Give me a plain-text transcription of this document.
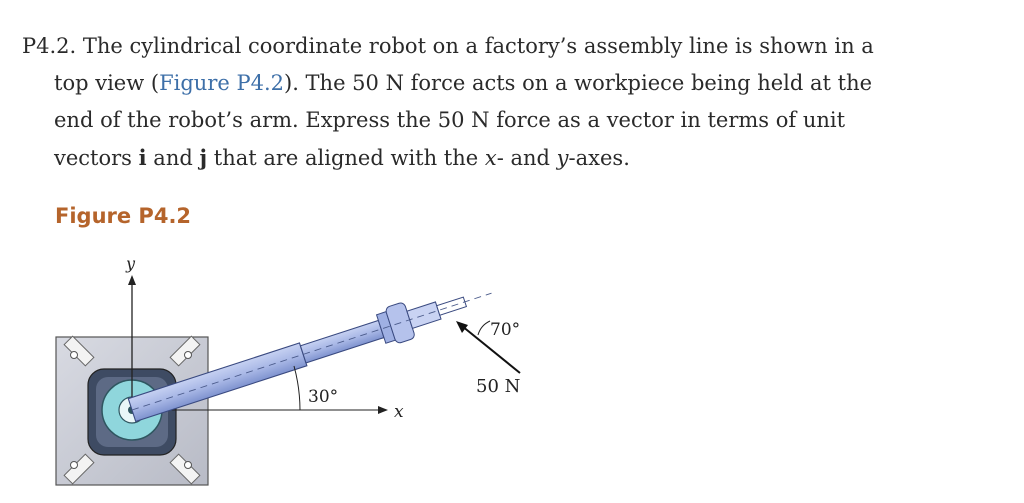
P4.2. The cylindrical coordinate robot on a factory’s assembly line is shown in a
top view (Figure P4.2). The 50 N force acts on a workpiece being held at the
end of the robot’s arm. Express the 50 N force as a vector in terms of unit
vectors i and j that are aligned with the x- and y-axes.
Figure P4.2
y
x
30°
70°
50 N
